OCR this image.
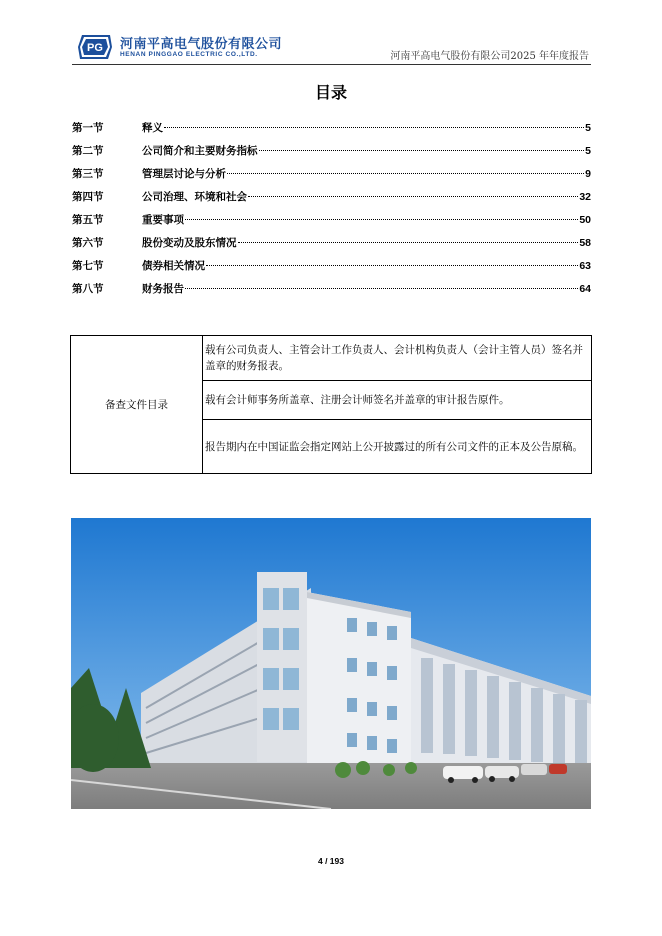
PG 河南平高电气股份有限公司
HENAN PINGGAO ELECTRIC CO.,LTD.	河南平高电气股份有限公司2025 年年度报告
目录
第一节	释义	5
第二节	公司简介和主要财务指标	5
第三节	管理层讨论与分析	9
第四节	公司治理、环境和社会	32
第五节	重要事项	50
第六节	股份变动及股东情况	58
第七节	债券相关情况	63
第八节	财务报告	64
备查文件目录	载有公司负责人、主管会计工作负责人、会计机构负责人（会计主管人员）签名并盖章的财务报表。
载有会计师事务所盖章、注册会计师签名并盖章的审计报告原件。
报告期内在中国证监会指定网站上公开披露过的所有公司文件的正本及公告原稿。
4 / 193
